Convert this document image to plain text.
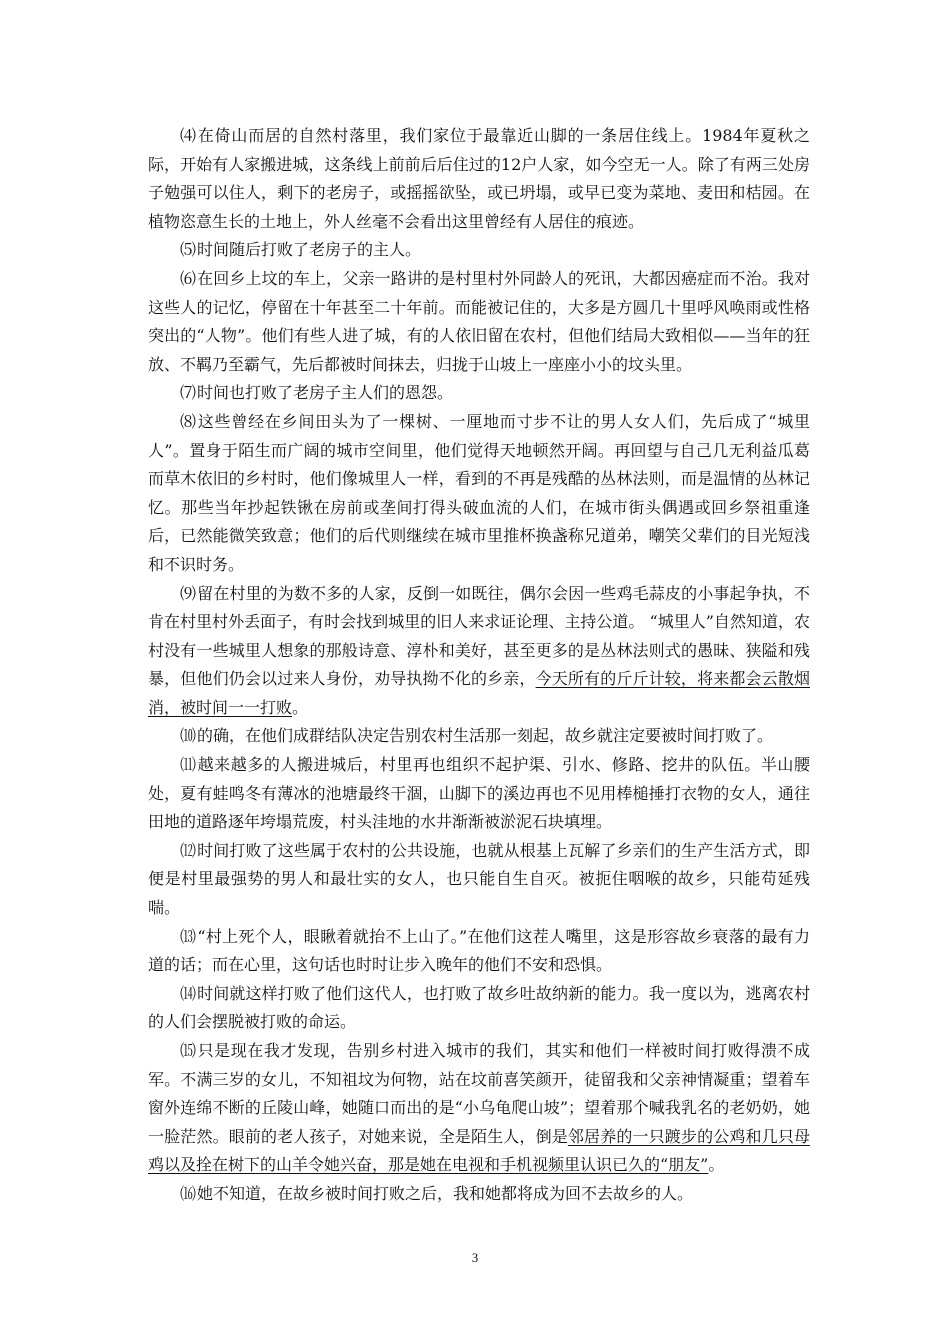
⑷在倚山而居的自然村落里，我们家位于最靠近山脚的一条居住线上。1984年夏秋之际，开始有人家搬进城，这条线上前前后后住过的12户人家，如今空无一人。除了有两三处房子勉强可以住人，剩下的老房子，或摇摇欲坠，或已坍塌，或早已变为菜地、麦田和桔园。在植物恣意生长的土地上，外人丝毫不会看出这里曾经有人居住的痕迹。

⑸时间随后打败了老房子的主人。

⑹在回乡上坟的车上，父亲一路讲的是村里村外同龄人的死讯，大都因癌症而不治。我对这些人的记忆，停留在十年甚至二十年前。而能被记住的，大多是方圆几十里呼风唤雨或性格突出的“人物”。他们有些人进了城，有的人依旧留在农村，但他们结局大致相似——当年的狂放、不羁乃至霸气，先后都被时间抹去，归拢于山坡上一座座小小的坟头里。

⑺时间也打败了老房子主人们的恩怨。

⑻这些曾经在乡间田头为了一棵树、一厘地而寸步不让的男人女人们，先后成了“城里人”。置身于陌生而广阔的城市空间里，他们觉得天地顿然开阔。再回望与自己几无利益瓜葛而草木依旧的乡村时，他们像城里人一样，看到的不再是残酷的丛林法则，而是温情的丛林记忆。那些当年抄起铁锹在房前或垄间打得头破血流的人们，在城市街头偶遇或回乡祭祖重逢后，已然能微笑致意；他们的后代则继续在城市里推杯换盏称兄道弟，嘲笑父辈们的目光短浅和不识时务。

⑼留在村里的为数不多的人家，反倒一如既往，偶尔会因一些鸡毛蒜皮的小事起争执，不肯在村里村外丢面子，有时会找到城里的旧人来求证论理、主持公道。 “城里人”自然知道，农村没有一些城里人想象的那般诗意、淳朴和美好，甚至更多的是丛林法则式的愚昧、狭隘和残暴，但他们仍会以过来人身份，劝导执拗不化的乡亲，今天所有的斤斤计较，将来都会云散烟消，被时间一一打败。

⑽的确，在他们成群结队决定告别农村生活那一刻起，故乡就注定要被时间打败了。

⑾越来越多的人搬进城后，村里再也组织不起护渠、引水、修路、挖井的队伍。半山腰处，夏有蛙鸣冬有薄冰的池塘最终干涸，山脚下的溪边再也不见用棒槌捶打衣物的女人，通往田地的道路逐年垮塌荒废，村头洼地的水井渐渐被淤泥石块填埋。

⑿时间打败了这些属于农村的公共设施，也就从根基上瓦解了乡亲们的生产生活方式，即便是村里最强势的男人和最壮实的女人，也只能自生自灭。被扼住咽喉的故乡，只能苟延残喘。

⒀“村上死个人，眼瞅着就抬不上山了。”在他们这茬人嘴里，这是形容故乡衰落的最有力道的话；而在心里，这句话也时时让步入晚年的他们不安和恐惧。

⒁时间就这样打败了他们这代人，也打败了故乡吐故纳新的能力。我一度以为，逃离农村的人们会摆脱被打败的命运。

⒂只是现在我才发现，告别乡村进入城市的我们，其实和他们一样被时间打败得溃不成军。不满三岁的女儿，不知祖坟为何物，站在坟前喜笑颜开，徒留我和父亲神情凝重；望着车窗外连绵不断的丘陵山峰，她随口而出的是“小乌龟爬山坡”；望着那个喊我乳名的老奶奶，她一脸茫然。眼前的老人孩子，对她来说，全是陌生人，倒是邻居养的一只踱步的公鸡和几只母鸡以及拴在树下的山羊令她兴奋，那是她在电视和手机视频里认识已久的“朋友”。

⒃她不知道，在故乡被时间打败之后，我和她都将成为回不去故乡的人。

3
